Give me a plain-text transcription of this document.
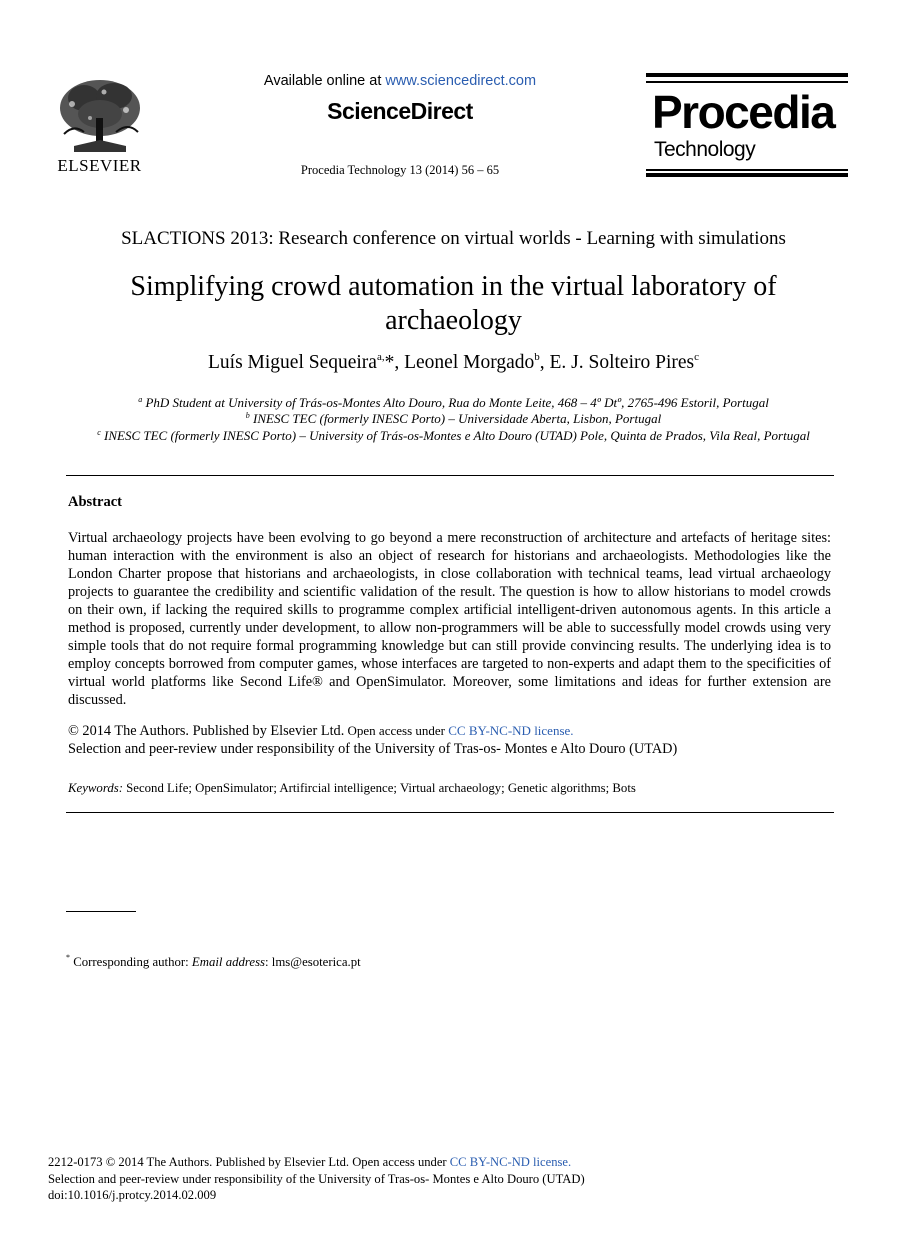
ELSEVIER
Available online at www.sciencedirect.com
ScienceDirect
Procedia Technology 13 (2014) 56 – 65
Procedia
Technology
SLACTIONS 2013: Research conference on virtual worlds - Learning with simulations
Simplifying crowd automation in the virtual laboratory of
archaeology
Luís Miguel Sequeira$^{a,}$*, Leonel Morgado$^b$, E. J. Solteiro Pires$^c$
$^a$ PhD Student at University of Trás-os-Montes Alto Douro, Rua do Monte Leite, 468 – 4º Dtº, 2765-496 Estoril, Portugal
$^b$ INESC TEC (formerly INESC Porto) – Universidade Aberta, Lisbon, Portugal
$^c$ INESC TEC (formerly INESC Porto) – University of Trás-os-Montes e Alto Douro (UTAD) Pole, Quinta de Prados, Vila Real, Portugal
Abstract
Virtual archaeology projects have been evolving to go beyond a mere reconstruction of architecture and artefacts of heritage sites: human interaction with the environment is also an object of research for historians and archaeologists. Methodologies like the London Charter propose that historians and archaeologists, in close collaboration with technical teams, lead virtual archaeology projects to guarantee the credibility and scientific validation of the result. The question is how to allow historians to model crowds on their own, if lacking the required skills to programme complex artificial intelligent-driven autonomous agents. In this article a method is proposed, currently under development, to allow non-programmers will be able to successfully model crowds using very simple tools that do not require formal programming knowledge but can still provide convincing results. The underlying idea is to employ concepts borrowed from computer games, whose interfaces are targeted to non-experts and adapt them to the specificities of virtual world platforms like Second Life® and OpenSimulator. Moreover, some limitations and ideas for further extension are discussed.
© 2014 The Authors. Published by Elsevier Ltd. Open access under CC BY-NC-ND license.
Selection and peer-review under responsibility of the University of Tras-os- Montes e Alto Douro (UTAD)
Keywords: Second Life; OpenSimulator; Artifircial intelligence; Virtual archaeology; Genetic algorithms; Bots
* Corresponding author: Email address: lms@esoterica.pt
2212-0173 © 2014 The Authors. Published by Elsevier Ltd. Open access under CC BY-NC-ND license.
Selection and peer-review under responsibility of the University of Tras-os- Montes e Alto Douro (UTAD)
doi:10.1016/j.protcy.2014.02.009
